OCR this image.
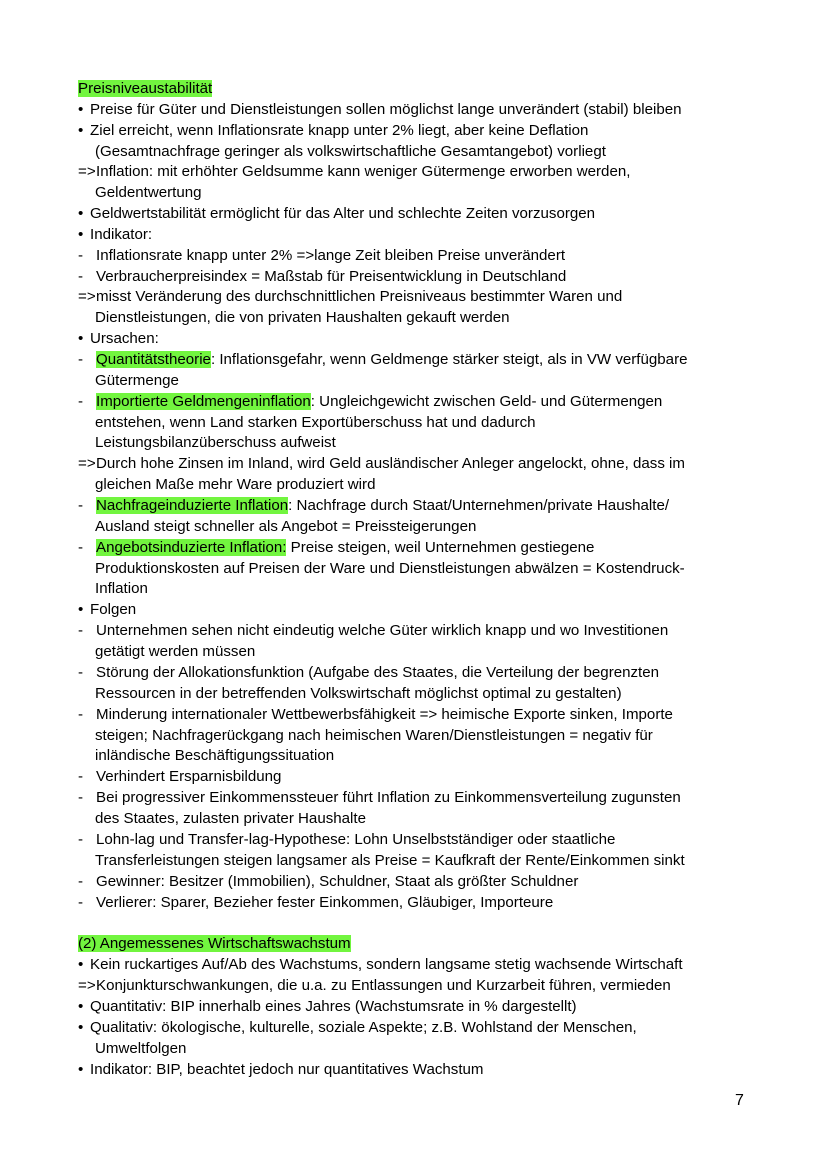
Preisniveaustabilität
• Preise für Güter und Dienstleistungen sollen möglichst lange unverändert (stabil) bleiben
• Ziel erreicht, wenn Inflationsrate knapp unter 2% liegt, aber keine Deflation
(Gesamtnachfrage geringer als volkswirtschaftliche Gesamtangebot) vorliegt
=> Inflation: mit erhöhter Geldsumme kann weniger Gütermenge erworben werden,
Geldentwertung
• Geldwertstabilität ermöglicht für das Alter und schlechte Zeiten vorzusorgen
• Indikator:
- Inflationsrate knapp unter 2% =>lange Zeit bleiben Preise unverändert
- Verbraucherpreisindex = Maßstab für Preisentwicklung in Deutschland
=> misst Veränderung des durchschnittlichen Preisniveaus bestimmter Waren und
Dienstleistungen, die von privaten Haushalten gekauft werden
• Ursachen:
- Quantitätstheorie: Inflationsgefahr, wenn Geldmenge stärker steigt, als in VW verfügbare
Gütermenge
- Importierte Geldmengeninflation: Ungleichgewicht zwischen Geld- und Gütermengen
entstehen, wenn Land starken Exportüberschuss hat und dadurch
Leistungsbilanzüberschuss aufweist
=> Durch hohe Zinsen im Inland, wird Geld ausländischer Anleger angelockt, ohne, dass im
gleichen Maße mehr Ware produziert wird
- Nachfrageinduzierte Inflation: Nachfrage durch Staat/Unternehmen/private Haushalte/
Ausland steigt schneller als Angebot = Preissteigerungen
- Angebotsinduzierte Inflation: Preise steigen, weil Unternehmen gestiegene
Produktionskosten auf Preisen der Ware und Dienstleistungen abwälzen = Kostendruck-
Inflation
• Folgen
- Unternehmen sehen nicht eindeutig welche Güter wirklich knapp und wo Investitionen
getätigt werden müssen
- Störung der Allokationsfunktion (Aufgabe des Staates, die Verteilung der begrenzten
Ressourcen in der betreffenden Volkswirtschaft möglichst optimal zu gestalten)
- Minderung internationaler Wettbewerbsfähigkeit => heimische Exporte sinken, Importe
steigen; Nachfragerückgang nach heimischen Waren/Dienstleistungen = negativ für
inländische Beschäftigungssituation
- Verhindert Ersparnisbildung
- Bei progressiver Einkommenssteuer führt Inflation zu Einkommensverteilung zugunsten
des Staates, zulasten privater Haushalte
- Lohn-lag und Transfer-lag-Hypothese: Lohn Unselbstständiger oder staatliche
Transferleistungen steigen langsamer als Preise = Kaufkraft der Rente/Einkommen sinkt
- Gewinner: Besitzer (Immobilien), Schuldner, Staat als größter Schuldner
- Verlierer: Sparer, Bezieher fester Einkommen, Gläubiger, Importeure
(2) Angemessenes Wirtschaftswachstum
• Kein ruckartiges Auf/Ab des Wachstums, sondern langsame stetig wachsende Wirtschaft
=> Konjunkturschwankungen, die u.a. zu Entlassungen und Kurzarbeit führen, vermieden
• Quantitativ: BIP innerhalb eines Jahres (Wachstumsrate in % dargestellt)
• Qualitativ: ökologische, kulturelle, soziale Aspekte; z.B. Wohlstand der Menschen,
Umweltfolgen
• Indikator: BIP, beachtet jedoch nur quantitatives Wachstum
7
